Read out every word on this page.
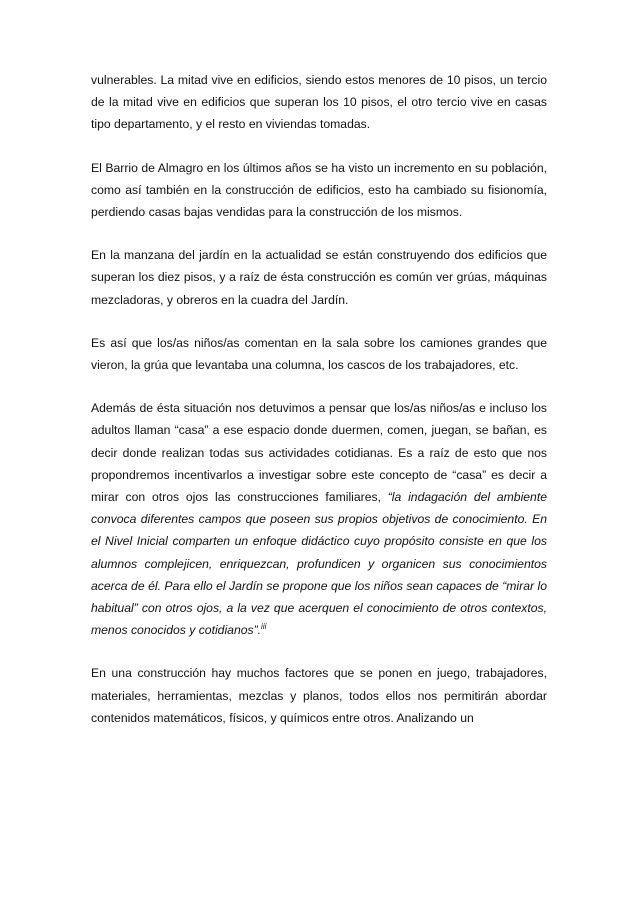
vulnerables. La mitad vive en edificios, siendo estos menores de 10 pisos, un tercio de la mitad vive en edificios que superan los 10 pisos, el otro tercio vive en casas tipo departamento, y el resto en viviendas tomadas.

El Barrio de Almagro en los últimos años se ha visto un incremento en su población, como así también en la construcción de edificios, esto ha cambiado su fisionomía, perdiendo casas bajas vendidas para la construcción de los mismos.

En la manzana del jardín en la actualidad se están construyendo dos edificios que superan los diez pisos, y a raíz de ésta construcción es común ver grúas, máquinas mezcladoras, y obreros en la cuadra del Jardín.

Es así que los/as niños/as comentan en la sala sobre los camiones grandes que vieron, la grúa que levantaba una columna, los cascos de los trabajadores, etc.

Además de ésta situación nos detuvimos a pensar que los/as niños/as e incluso los adultos llaman “casa” a ese espacio donde duermen, comen, juegan, se bañan, es decir donde realizan todas sus actividades cotidianas. Es a raíz de esto que nos propondremos incentivarlos a investigar sobre este concepto de “casa” es decir a mirar con otros ojos las construcciones familiares, “la indagación del ambiente convoca diferentes campos que poseen sus propios objetivos de conocimiento. En el Nivel Inicial comparten un enfoque didáctico cuyo propósito consiste en que los alumnos complejicen, enriquezcan, profundicen y organicen sus conocimientos acerca de él. Para ello el Jardín se propone que los niños sean capaces de “mirar lo habitual” con otros ojos, a la vez que acerquen el conocimiento de otros contextos, menos conocidos y cotidianos”.$^{iii}$

En una construcción hay muchos factores que se ponen en juego, trabajadores, materiales, herramientas, mezclas y planos, todos ellos nos permitirán abordar contenidos matemáticos, físicos, y químicos entre otros. Analizando un
